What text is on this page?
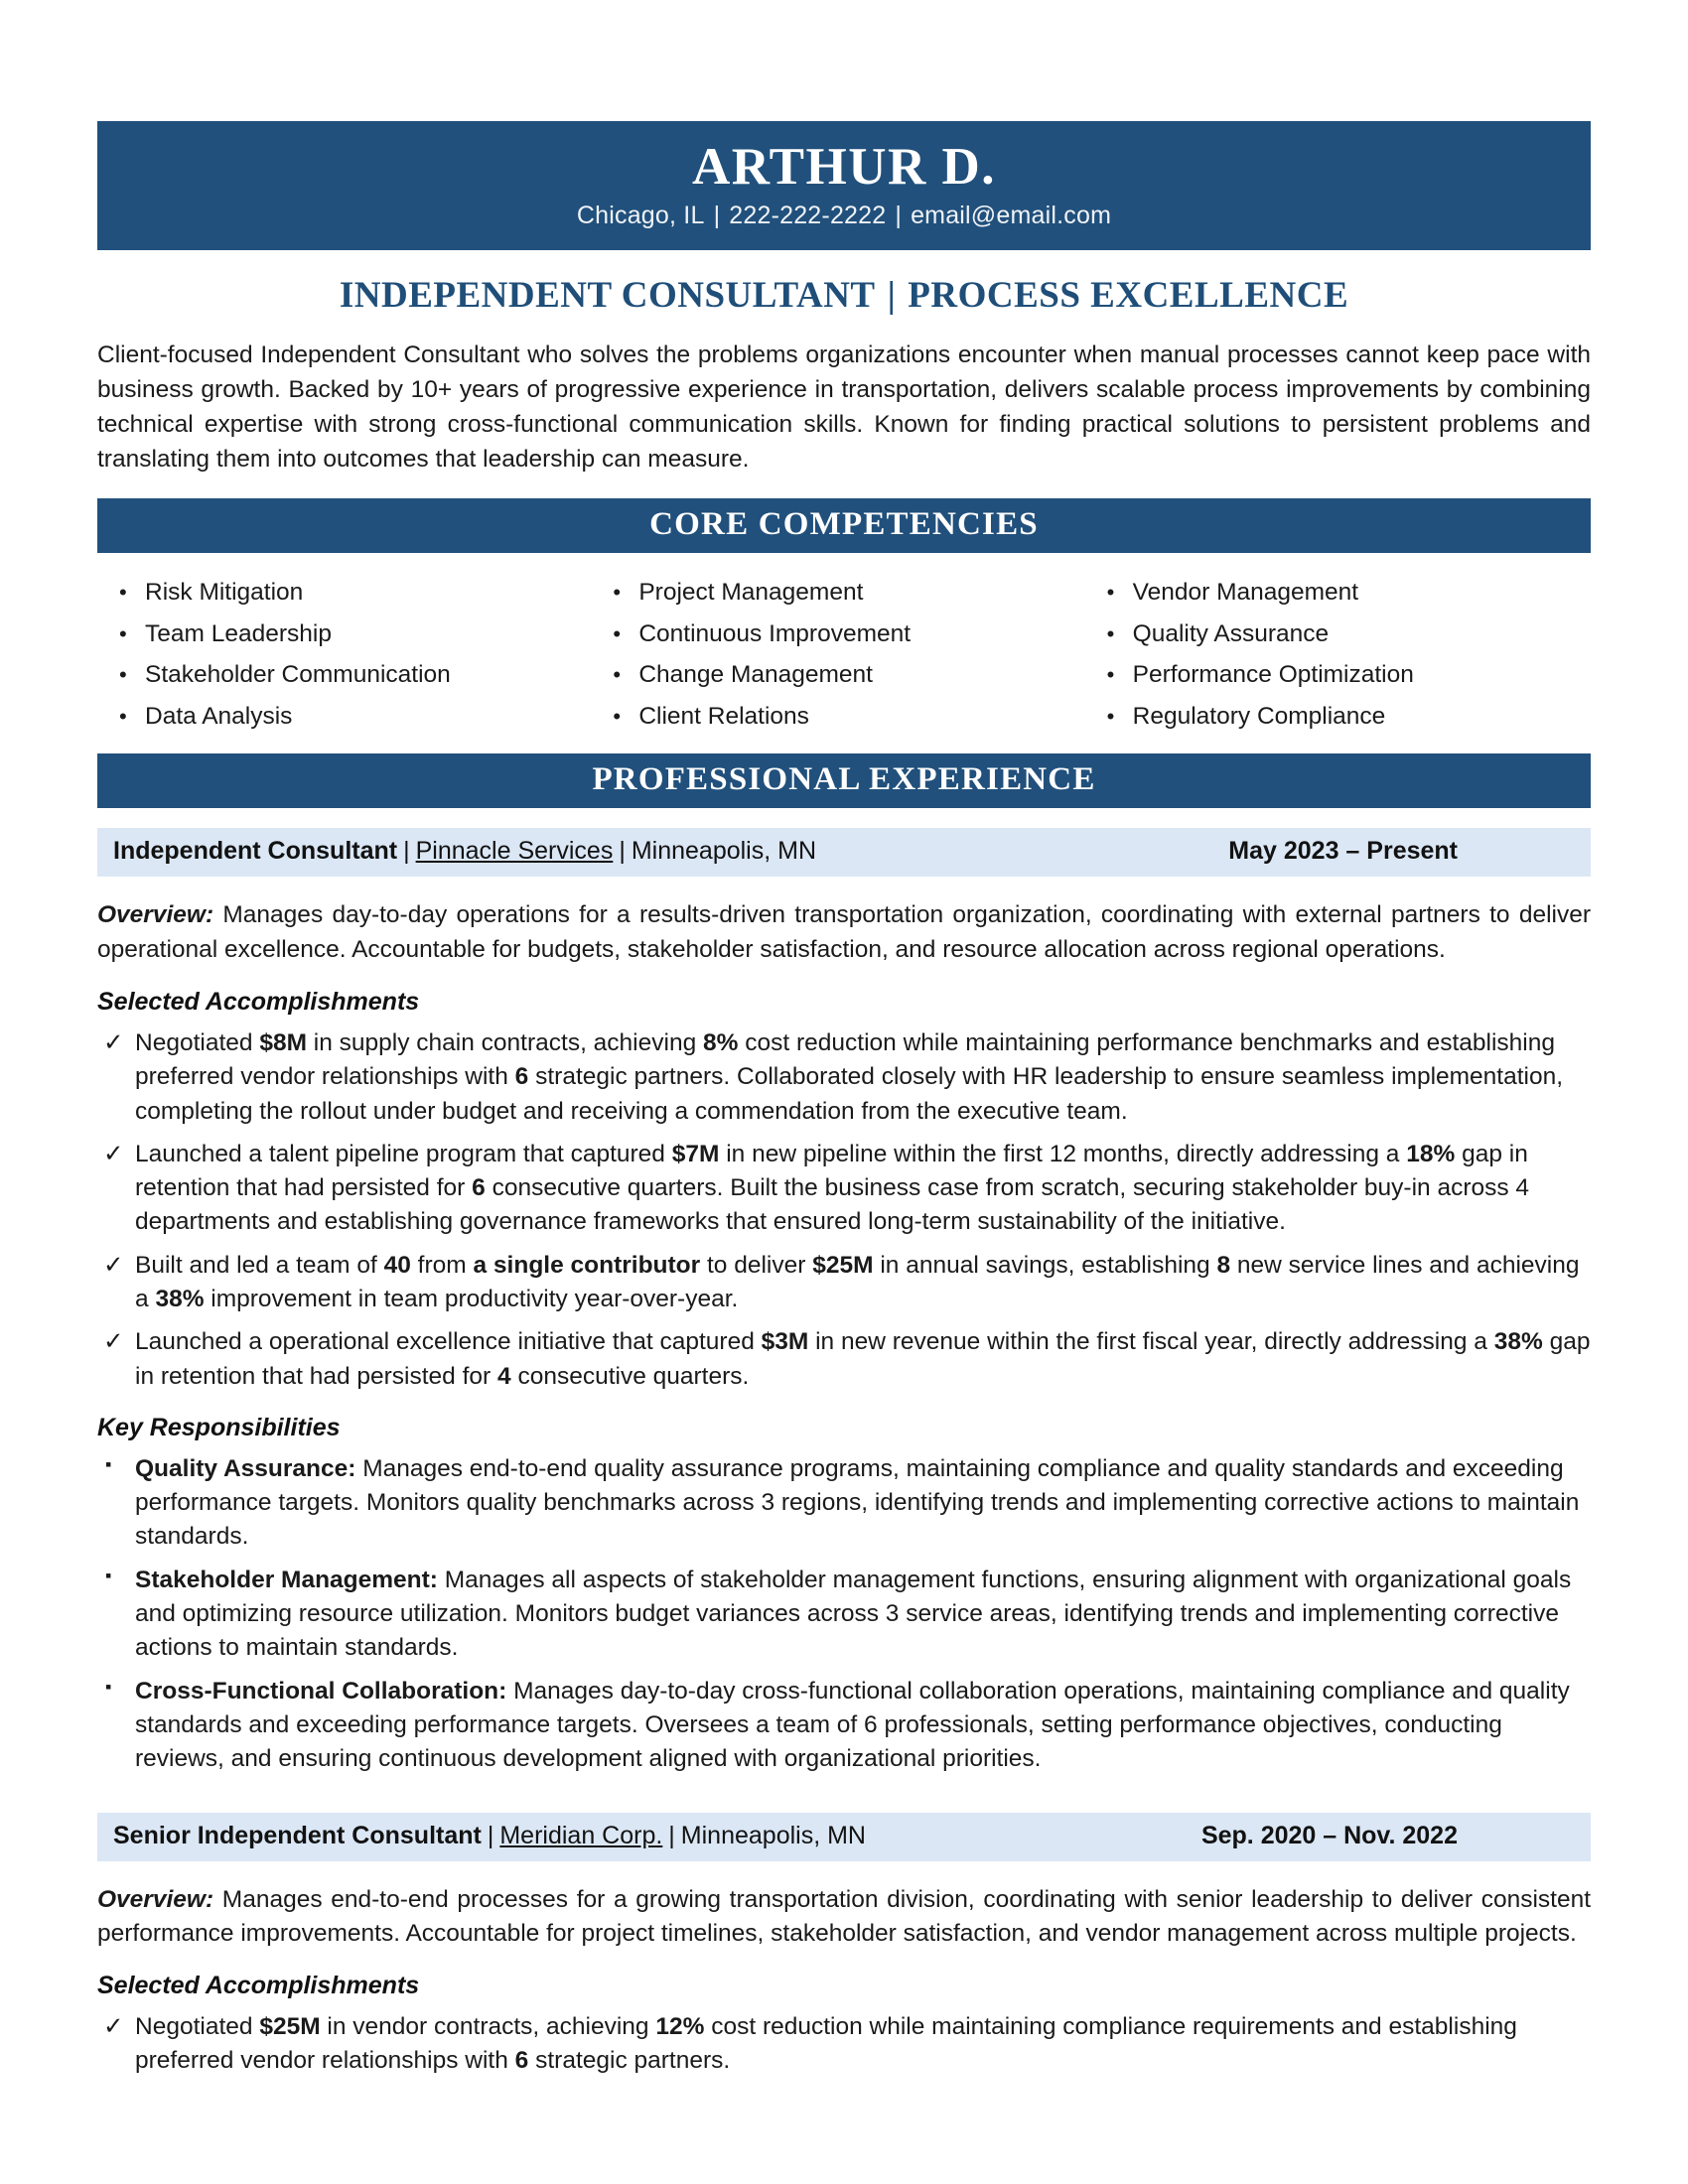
ARTHUR D.
Chicago, IL | 222-222-2222 | email@email.com
INDEPENDENT CONSULTANT | PROCESS EXCELLENCE

Client-focused Independent Consultant who solves the problems organizations encounter when manual processes cannot keep pace with business growth. Backed by 10+ years of progressive experience in transportation, delivers scalable process improvements by combining technical expertise with strong cross-functional communication skills. Known for finding practical solutions to persistent problems and translating them into outcomes that leadership can measure.

CORE COMPETENCIES
• Risk Mitigation	• Project Management	• Vendor Management
• Team Leadership	• Continuous Improvement	• Quality Assurance
• Stakeholder Communication	• Change Management	• Performance Optimization
• Data Analysis	• Client Relations	• Regulatory Compliance
PROFESSIONAL EXPERIENCE
Independent Consultant | Pinnacle Services | Minneapolis, MN	May 2023 – Present

Overview: Manages day-to-day operations for a results-driven transportation organization, coordinating with external partners to deliver operational excellence. Accountable for budgets, stakeholder satisfaction, and resource allocation across regional operations.

Selected Accomplishments
✓ Negotiated $8M in supply chain contracts, achieving 8% cost reduction while maintaining performance benchmarks and establishing preferred vendor relationships with 6 strategic partners. Collaborated closely with HR leadership to ensure seamless implementation, completing the rollout under budget and receiving a commendation from the executive team.
✓ Launched a talent pipeline program that captured $7M in new pipeline within the first 12 months, directly addressing a 18% gap in retention that had persisted for 6 consecutive quarters. Built the business case from scratch, securing stakeholder buy-in across 4 departments and establishing governance frameworks that ensured long-term sustainability of the initiative.
✓ Built and led a team of 40 from a single contributor to deliver $25M in annual savings, establishing 8 new service lines and achieving a 38% improvement in team productivity year-over-year.
✓ Launched a operational excellence initiative that captured $3M in new revenue within the first fiscal year, directly addressing a 38% gap in retention that had persisted for 4 consecutive quarters.
Key Responsibilities
▪ Quality Assurance: Manages end-to-end quality assurance programs, maintaining compliance and quality standards and exceeding performance targets. Monitors quality benchmarks across 3 regions, identifying trends and implementing corrective actions to maintain standards.
▪ Stakeholder Management: Manages all aspects of stakeholder management functions, ensuring alignment with organizational goals and optimizing resource utilization. Monitors budget variances across 3 service areas, identifying trends and implementing corrective actions to maintain standards.
▪ Cross-Functional Collaboration: Manages day-to-day cross-functional collaboration operations, maintaining compliance and quality standards and exceeding performance targets. Oversees a team of 6 professionals, setting performance objectives, conducting reviews, and ensuring continuous development aligned with organizational priorities.
Senior Independent Consultant | Meridian Corp. | Minneapolis, MN	Sep. 2020 – Nov. 2022

Overview: Manages end-to-end processes for a growing transportation division, coordinating with senior leadership to deliver consistent performance improvements. Accountable for project timelines, stakeholder satisfaction, and vendor management across multiple projects.

Selected Accomplishments
✓ Negotiated $25M in vendor contracts, achieving 12% cost reduction while maintaining compliance requirements and establishing preferred vendor relationships with 6 strategic partners.
